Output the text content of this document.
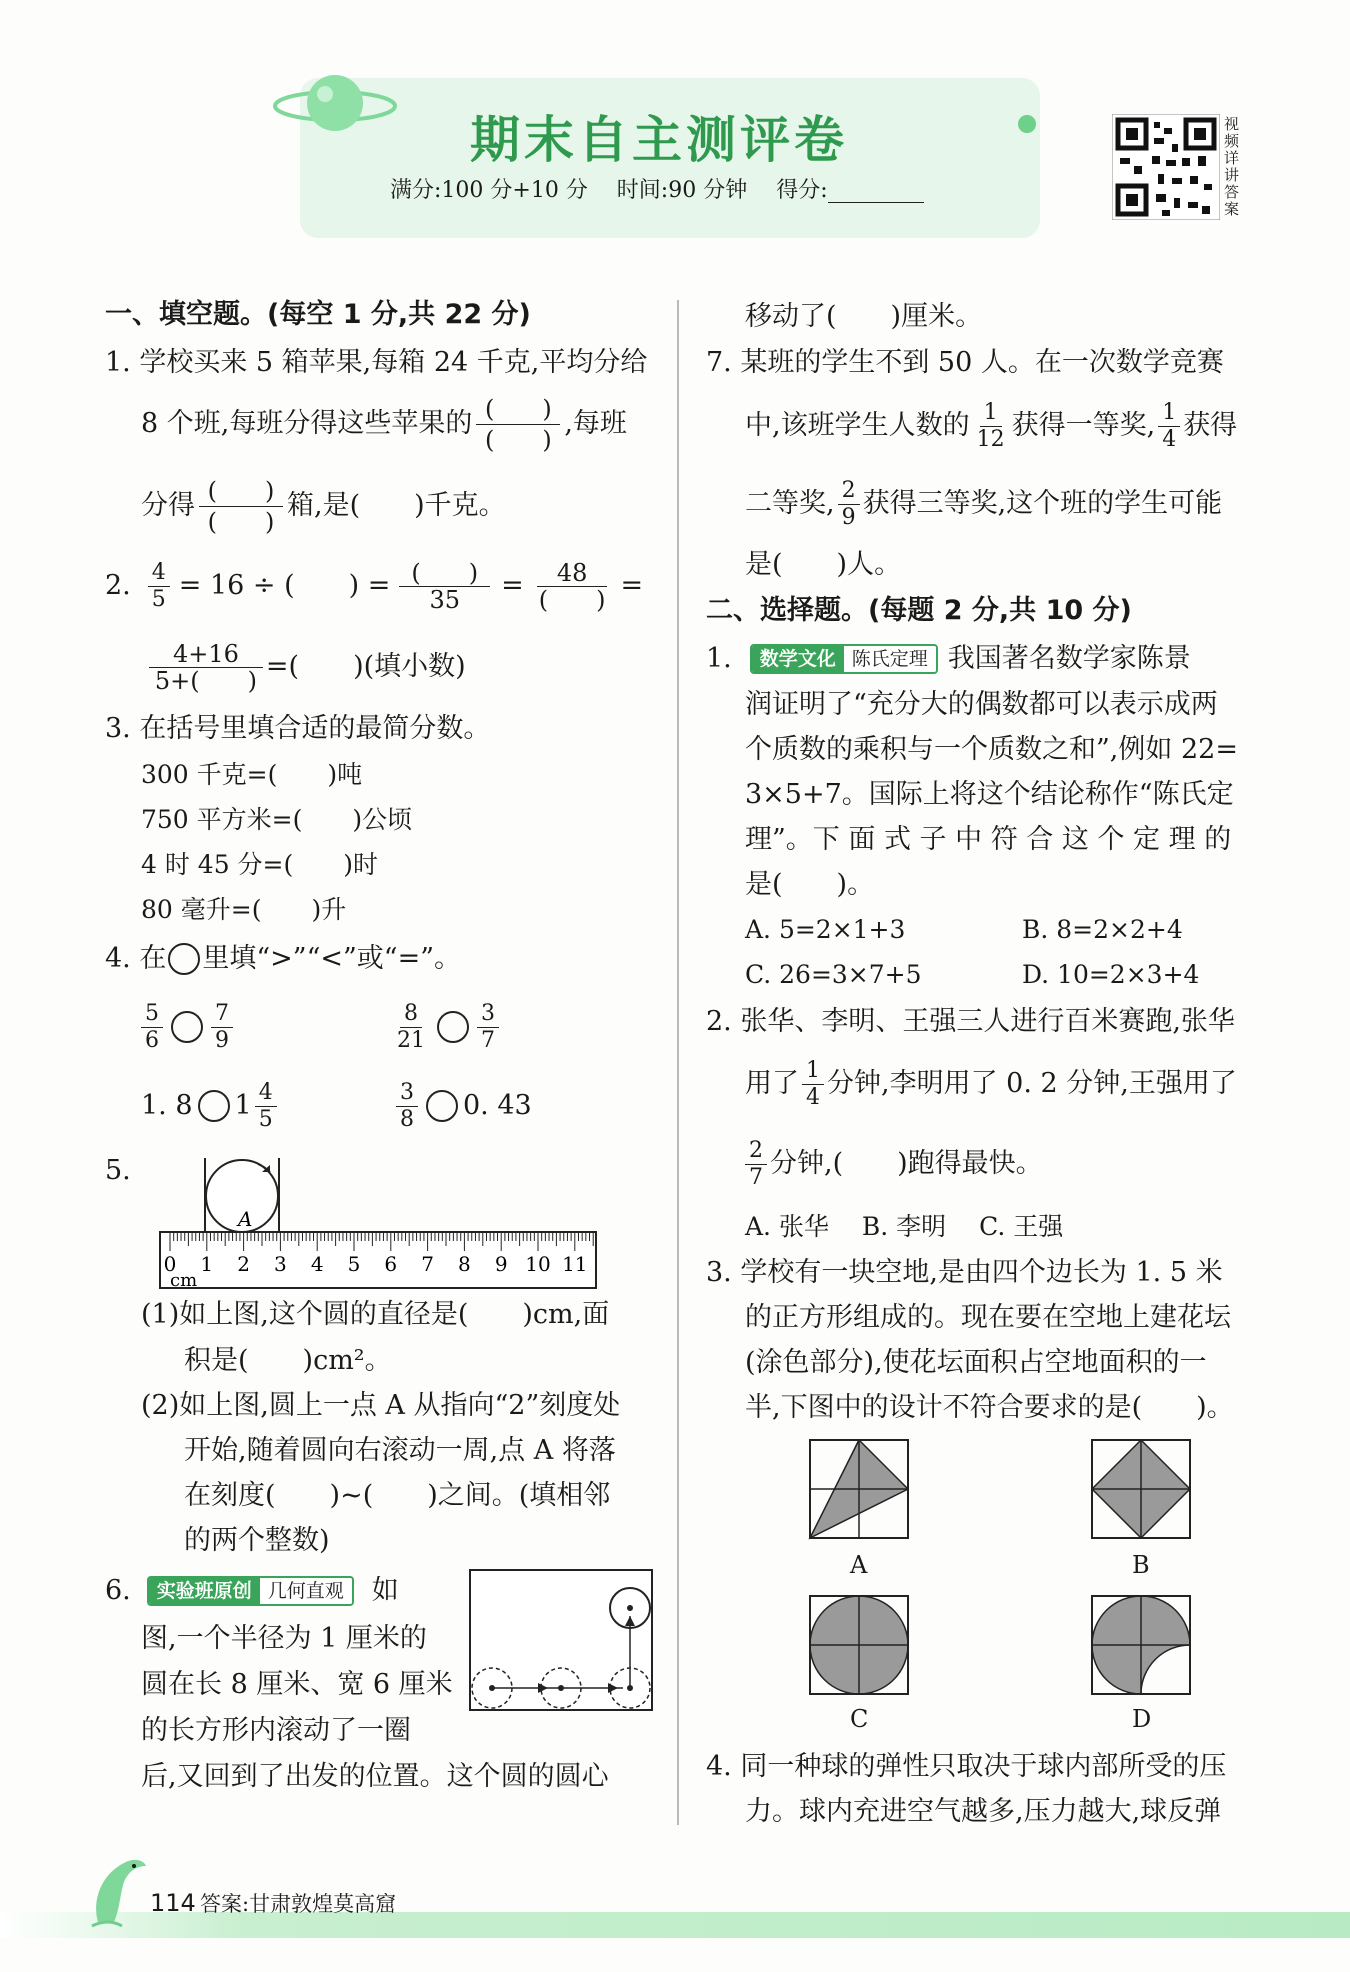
期末自主测评卷
满分:100 分+10 分　 时间:90 分钟　 得分:
视频详讲答案
一、填空题。(每空 1 分,共 22 分)
1. 学校买来 5 箱苹果,每箱 24 千克,平均分给
8 个班,每班分得这些苹果的 (　　)
(　　)
,每班
分得 (　　)
(　　)
箱,是(　　)千克。
2. $\frac{4}{5} = 16$ ÷ (　　) = (　　)
35 =	48
(　　) =
$\frac{4+16}{5+( )}$ =(　　)(填小数)
3. 在括号里填合适的最简分数。
300 千克=(　　)吨
750 平方米=(　　)公顷
4 时 45 分=(　　)时
80 毫升=(　　)升
4. 在 里填“>”“<”或“=”。
$\frac{5}{6} \frac{7}{9}$	$\frac{8}{21} \frac{3}{7}$
1. 8 $1 \frac{4}{5}$	$\frac{3}{8} 0$. 43
5.
A
0 1 2 3 4 5 6 7 8 9 10 11
cm
(1)如上图,这个圆的直径是(　　)cm,面
积是(　　)cm²。
(2)如上图,圆上一点 A 从指向“2”刻度处
开始,随着圆向右滚动一周,点 A 将落
在刻度(　　)~(　　)之间。(填相邻
的两个整数)
6.	实验班原创 几何直观	如
图,一个半径为 1 厘米的
圆在长 8 厘米、宽 6 厘米
的长方形内滚动了一圈
后,又回到了出发的位置。这个圆的圆心
移动了(　　)厘米。
7. 某班的学生不到 50 人。在一次数学竞赛
中,该班学生人数的 $\frac{1}{12}$ 获得一等奖, $\frac{1}{4}$ 获得
二等奖, $\frac{2}{9}$ 获得三等奖,这个班的学生可能
是(　　)人。
二、选择题。(每题 2 分,共 10 分)
1.	数学文化 陈氏定理 我国著名数学家陈景
润证明了“充分大的偶数都可以表示成两
个质数的乘积与一个质数之和”,例如 22=
3×5+7。国际上将这个结论称作“陈氏定
理”。下 面 式 子 中 符 合 这 个 定 理 的
是(　　)。
A. 5=2×1+3	B. 8=2×2+4
C. 26=3×7+5	D. 10=2×3+4
2. 张华、李明、王强三人进行百米赛跑,张华
用了 $\frac{1}{4}$ 分钟,李明用了 0. 2 分钟,王强用了
$\frac{2}{7}$ 分钟,(　　)跑得最快。
A. 张华　 B. 李明　 C. 王强
3. 学校有一块空地,是由四个边长为 1. 5 米
的正方形组成的。现在要在空地上建花坛
(涂色部分),使花坛面积占空地面积的一
半,下图中的设计不符合要求的是(　　)。
A	B
C	D
4. 同一种球的弹性只取决于球内部所受的压
力。球内充进空气越多,压力越大,球反弹
114 答案:甘肃敦煌莫高窟
